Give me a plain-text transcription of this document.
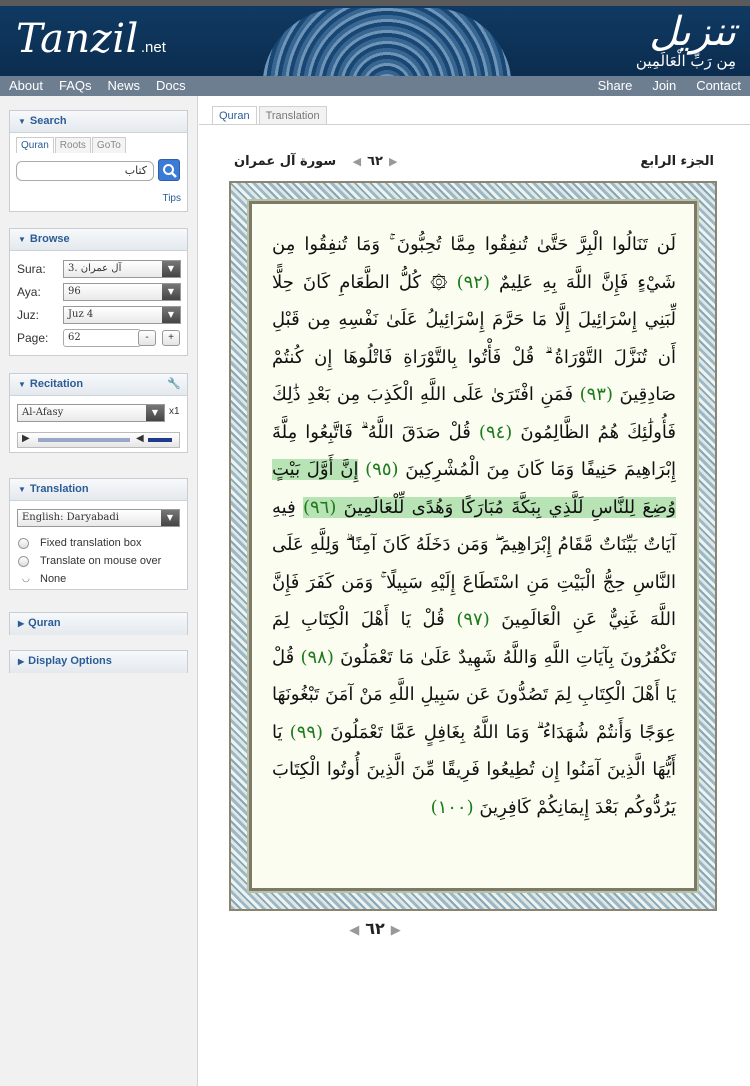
Tanzil .net	تنزيل
مِن رَبِّ الْعَالَمِين
About FAQs News Docs	Share Join Contact
▼ Search
Quran	Roots	GoTo
كتاب
Tips
▼ Browse
Sura:	3. آل عمران	▼
Aya:	96	▼
Juz:	Juz 4	▼
Page:	62	-	+
▼ Recitation	🔧
Al-Afasy	▼	x1
▶	◀
▼ Translation
English: Daryabadi	▼
Fixed translation box
Translate on mouse over
◡ None
▶ Quran
▶ Display Options
Quran Translation
سورة آل عمران	الجزء الرابع
◀ ٦٢ ▶
لَن تَنَالُوا الْبِرَّ حَتَّىٰ تُنفِقُوا مِمَّا تُحِبُّونَ ۚ وَمَا تُنفِقُوا مِن شَيْءٍ فَإِنَّ اللَّهَ بِهِ عَلِيمٌ (٩٢) ۞ كُلُّ الطَّعَامِ كَانَ حِلًّا لِّبَنِي إِسْرَائِيلَ إِلَّا مَا حَرَّمَ إِسْرَائِيلُ عَلَىٰ نَفْسِهِ مِن قَبْلِ أَن تُنَزَّلَ التَّوْرَاةُ ۗ قُلْ فَأْتُوا بِالتَّوْرَاةِ فَاتْلُوهَا إِن كُنتُمْ صَادِقِينَ (٩٣) فَمَنِ افْتَرَىٰ عَلَى اللَّهِ الْكَذِبَ مِن بَعْدِ ذَٰلِكَ فَأُولَٰئِكَ هُمُ الظَّالِمُونَ (٩٤) قُلْ صَدَقَ اللَّهُ ۗ فَاتَّبِعُوا مِلَّةَ إِبْرَاهِيمَ حَنِيفًا وَمَا كَانَ مِنَ الْمُشْرِكِينَ (٩٥) إِنَّ أَوَّلَ بَيْتٍ وُضِعَ لِلنَّاسِ لَلَّذِي بِبَكَّةَ مُبَارَكًا وَهُدًى لِّلْعَالَمِينَ (٩٦) فِيهِ آيَاتٌ بَيِّنَاتٌ مَّقَامُ إِبْرَاهِيمَ ۖ وَمَن دَخَلَهُ كَانَ آمِنًا ۗ وَلِلَّهِ عَلَى النَّاسِ حِجُّ الْبَيْتِ مَنِ اسْتَطَاعَ إِلَيْهِ سَبِيلًا ۚ وَمَن كَفَرَ فَإِنَّ اللَّهَ غَنِيٌّ عَنِ الْعَالَمِينَ (٩٧) قُلْ يَا أَهْلَ الْكِتَابِ لِمَ تَكْفُرُونَ بِآيَاتِ اللَّهِ وَاللَّهُ شَهِيدٌ عَلَىٰ مَا تَعْمَلُونَ (٩٨) قُلْ يَا أَهْلَ الْكِتَابِ لِمَ تَصُدُّونَ عَن سَبِيلِ اللَّهِ مَنْ آمَنَ تَبْغُونَهَا عِوَجًا وَأَنتُمْ شُهَدَاءُ ۗ وَمَا اللَّهُ بِغَافِلٍ عَمَّا تَعْمَلُونَ (٩٩) يَا أَيُّهَا الَّذِينَ آمَنُوا إِن تُطِيعُوا فَرِيقًا مِّنَ الَّذِينَ أُوتُوا الْكِتَابَ يَرُدُّوكُم بَعْدَ إِيمَانِكُمْ كَافِرِينَ (١٠٠)
◀ ٦٢ ▶
